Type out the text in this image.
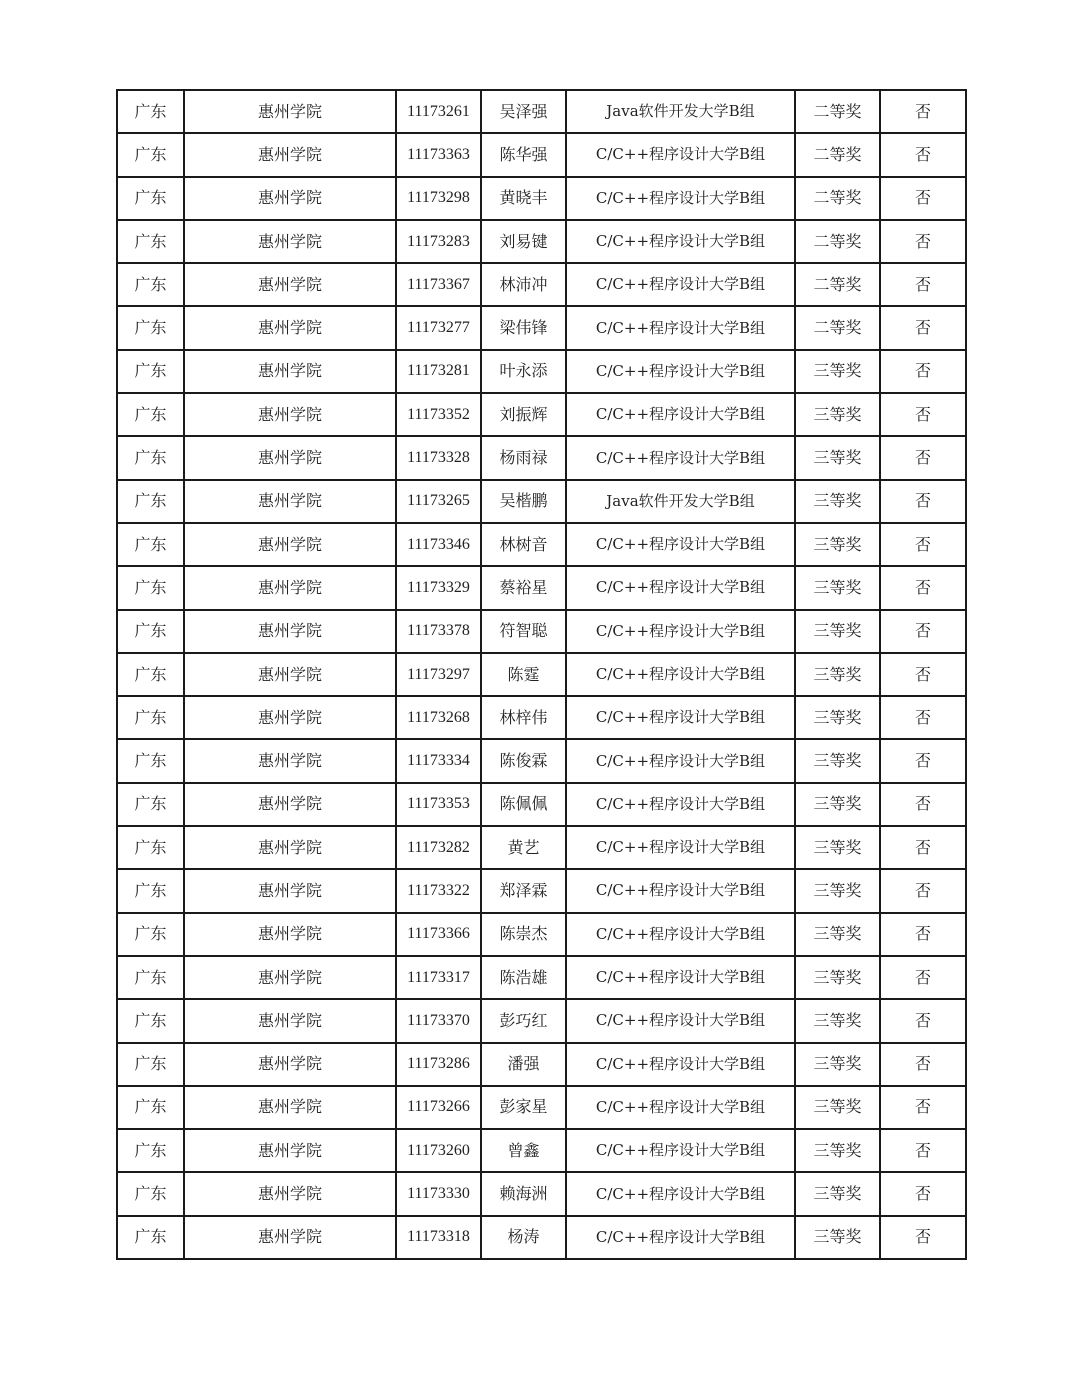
广东	惠州学院	11173261	吴泽强	Java软件开发大学B组	二等奖	否
广东	惠州学院	11173363	陈华强	C/C++程序设计大学B组	二等奖	否
广东	惠州学院	11173298	黄晓丰	C/C++程序设计大学B组	二等奖	否
广东	惠州学院	11173283	刘易键	C/C++程序设计大学B组	二等奖	否
广东	惠州学院	11173367	林沛冲	C/C++程序设计大学B组	二等奖	否
广东	惠州学院	11173277	梁伟锋	C/C++程序设计大学B组	二等奖	否
广东	惠州学院	11173281	叶永添	C/C++程序设计大学B组	三等奖	否
广东	惠州学院	11173352	刘振辉	C/C++程序设计大学B组	三等奖	否
广东	惠州学院	11173328	杨雨禄	C/C++程序设计大学B组	三等奖	否
广东	惠州学院	11173265	吴楷鹏	Java软件开发大学B组	三等奖	否
广东	惠州学院	11173346	林树音	C/C++程序设计大学B组	三等奖	否
广东	惠州学院	11173329	蔡裕星	C/C++程序设计大学B组	三等奖	否
广东	惠州学院	11173378	符智聪	C/C++程序设计大学B组	三等奖	否
广东	惠州学院	11173297	陈霆	C/C++程序设计大学B组	三等奖	否
广东	惠州学院	11173268	林梓伟	C/C++程序设计大学B组	三等奖	否
广东	惠州学院	11173334	陈俊霖	C/C++程序设计大学B组	三等奖	否
广东	惠州学院	11173353	陈佩佩	C/C++程序设计大学B组	三等奖	否
广东	惠州学院	11173282	黄艺	C/C++程序设计大学B组	三等奖	否
广东	惠州学院	11173322	郑泽霖	C/C++程序设计大学B组	三等奖	否
广东	惠州学院	11173366	陈崇杰	C/C++程序设计大学B组	三等奖	否
广东	惠州学院	11173317	陈浩雄	C/C++程序设计大学B组	三等奖	否
广东	惠州学院	11173370	彭巧红	C/C++程序设计大学B组	三等奖	否
广东	惠州学院	11173286	潘强	C/C++程序设计大学B组	三等奖	否
广东	惠州学院	11173266	彭家星	C/C++程序设计大学B组	三等奖	否
广东	惠州学院	11173260	曾鑫	C/C++程序设计大学B组	三等奖	否
广东	惠州学院	11173330	赖海洲	C/C++程序设计大学B组	三等奖	否
广东	惠州学院	11173318	杨涛	C/C++程序设计大学B组	三等奖	否
